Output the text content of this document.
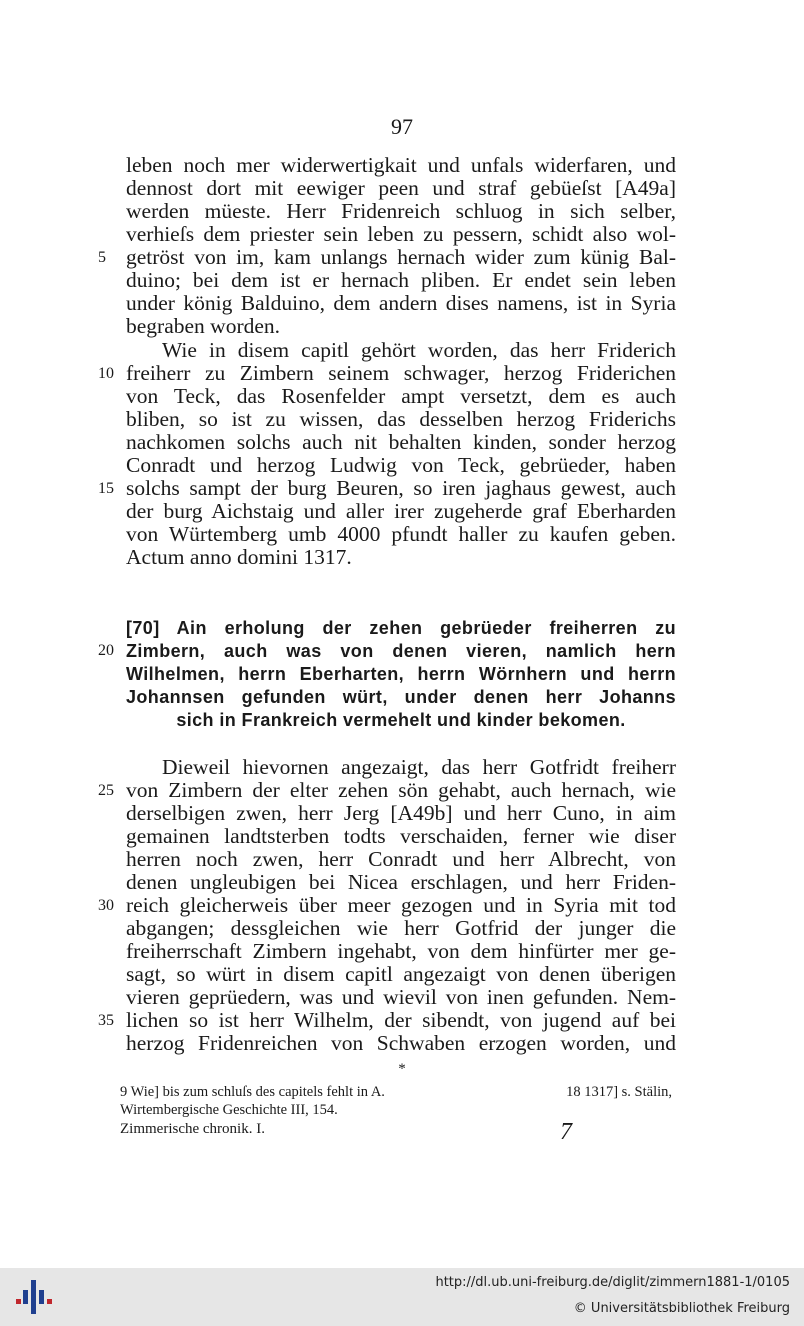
97
leben noch mer widerwertigkait und unfals widerfaren, und
dennost dort mit eewiger peen und straf gebüeſst [A49a]
werden müeste. Herr Fridenreich schluog in sich selber,
verhieſs dem priester sein leben zu pessern, schidt also wol-
5 getröst von im, kam unlangs hernach wider zum künig Bal-
duino; bei dem ist er hernach pliben. Er endet sein leben
under könig Balduino, dem andern dises namens, ist in Syria
begraben worden.
Wie in disem capitl gehört worden, das herr Friderich
10 freiherr zu Zimbern seinem schwager, herzog Friderichen
von Teck, das Rosenfelder ampt versetzt, dem es auch
bliben, so ist zu wissen, das desselben herzog Friderichs
nachkomen solchs auch nit behalten kinden, sonder herzog
Conradt und herzog Ludwig von Teck, gebrüeder, haben
15 solchs sampt der burg Beuren, so iren jaghaus gewest, auch
der burg Aichstaig und aller irer zugeherde graf Eberharden
von Würtemberg umb 4000 pfundt haller zu kaufen geben.
Actum anno domini 1317.
[70] Ain erholung der zehen gebrüeder freiherren zu
20 Zimbern, auch was von denen vieren, namlich hern
Wilhelmen, herrn Eberharten, herrn Wörnhern und herrn
Johannsen gefunden würt, under denen herr Johanns
sich in Frankreich vermehelt und kinder bekomen.
Dieweil hievornen angezaigt, das herr Gotfridt freiherr
25 von Zimbern der elter zehen sön gehabt, auch hernach, wie
derselbigen zwen, herr Jerg [A49b] und herr Cuno, in aim
gemainen landtsterben todts verschaiden, ferner wie diser
herren noch zwen, herr Conradt und herr Albrecht, von
denen ungleubigen bei Nicea erschlagen, und herr Friden-
30 reich gleicherweis über meer gezogen und in Syria mit tod
abgangen; dessgleichen wie herr Gotfrid der junger die
freiherrschaft Zimbern ingehabt, von dem hinfürter mer ge-
sagt, so würt in disem capitl angezaigt von denen überigen
vieren geprüedern, was und wievil von inen gefunden. Nem-
35 lichen so ist herr Wilhelm, der sibendt, von jugend auf bei
herzog Fridenreichen von Schwaben erzogen worden, und
*
9 Wie] bis zum schluſs des capitels fehlt in A.	18 1317] s. Stälin,
Wirtembergische Geschichte III, 154.
Zimmerische chronik. I.	7
http://dl.ub.uni-freiburg.de/diglit/zimmern1881-1/0105
© Universitätsbibliothek Freiburg
